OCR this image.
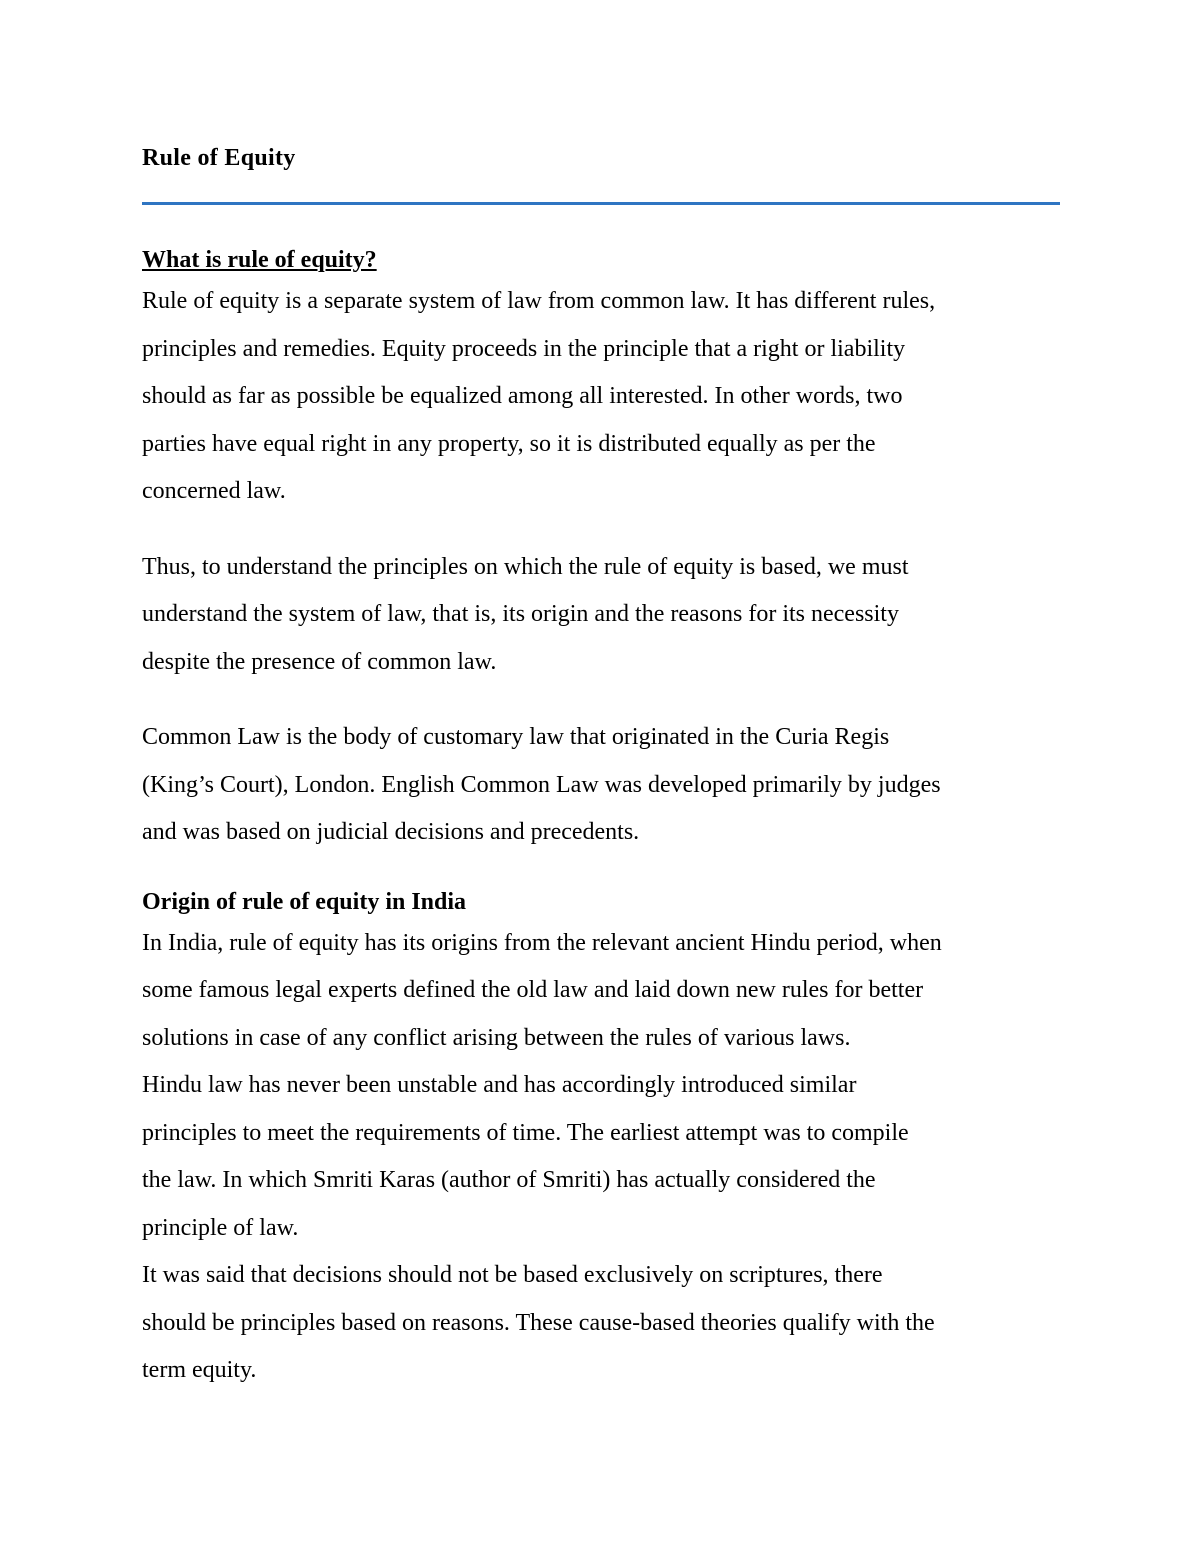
Rule of Equity
What is rule of equity?

Rule of equity is a separate system of law from common law. It has different rules,
principles and remedies. Equity proceeds in the principle that a right or liability
should as far as possible be equalized among all interested. In other words, two
parties have equal right in any property, so it is distributed equally as per the
concerned law.

Thus, to understand the principles on which the rule of equity is based, we must
understand the system of law, that is, its origin and the reasons for its necessity
despite the presence of common law.

Common Law is the body of customary law that originated in the Curia Regis
(King’s Court), London. English Common Law was developed primarily by judges
and was based on judicial decisions and precedents.

Origin of rule of equity in India

In India, rule of equity has its origins from the relevant ancient Hindu period, when
some famous legal experts defined the old law and laid down new rules for better
solutions in case of any conflict arising between the rules of various laws.

Hindu law has never been unstable and has accordingly introduced similar
principles to meet the requirements of time. The earliest attempt was to compile
the law. In which Smriti Karas (author of Smriti) has actually considered the
principle of law.

It was said that decisions should not be based exclusively on scriptures, there
should be principles based on reasons. These cause-based theories qualify with the
term equity.
